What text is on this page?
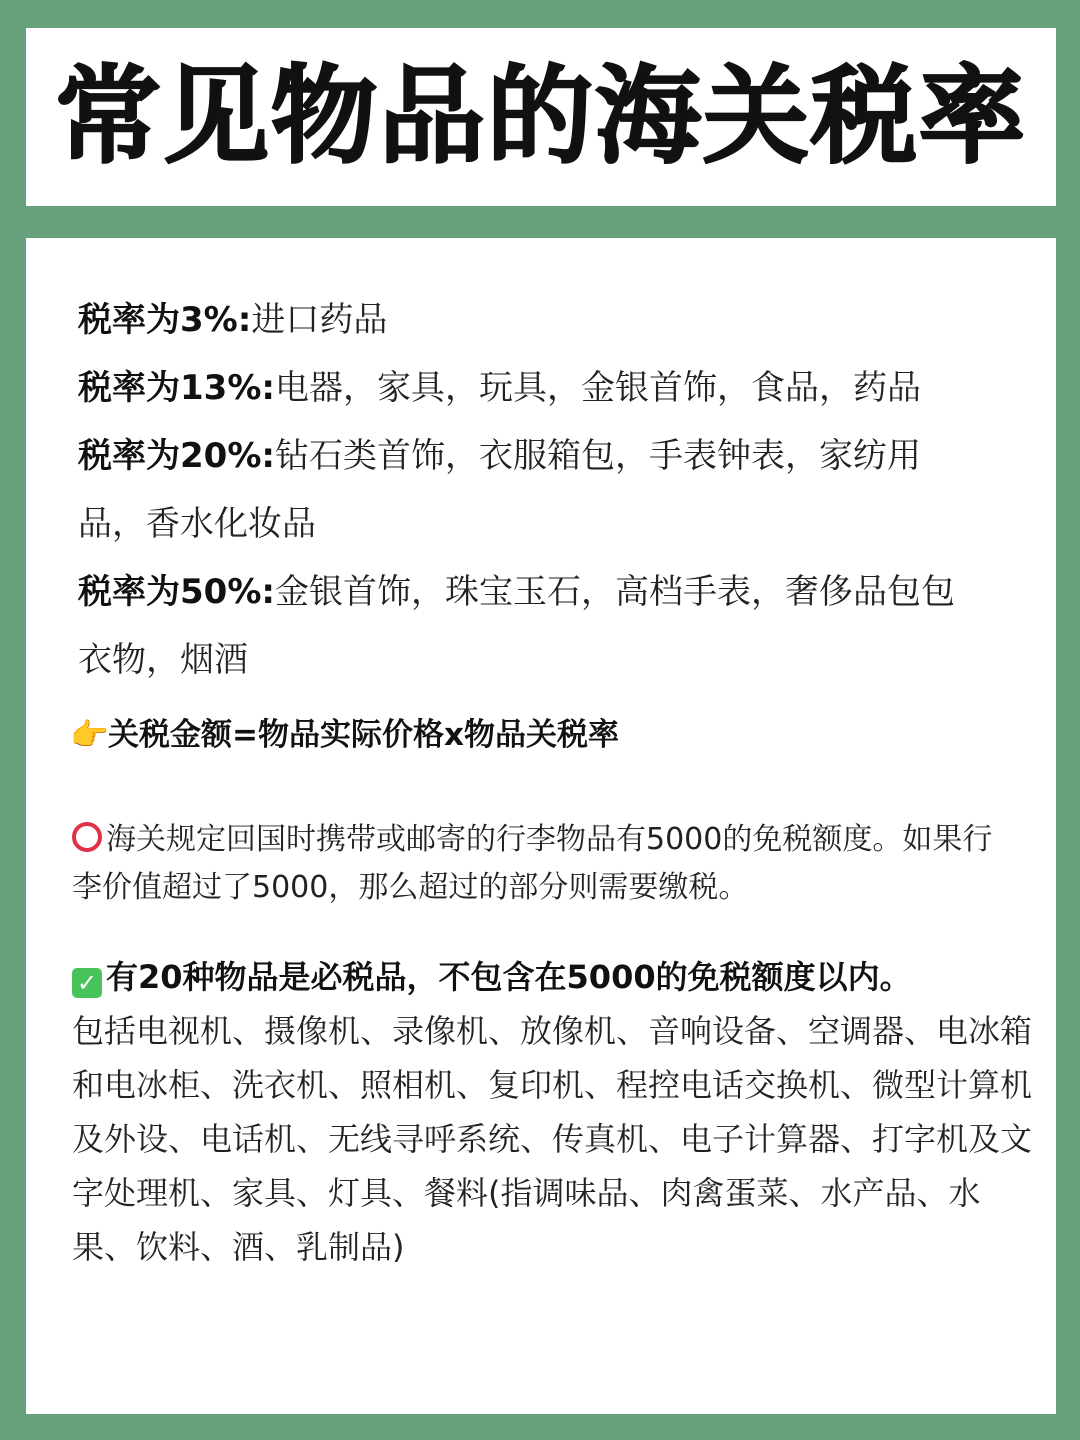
常见物品的海关税率
税率为3%:进口药品
税率为13%:电器，家具，玩具，金银首饰，食品，药品
税率为20%:钻石类首饰，衣服箱包，手表钟表，家纺用品，香水化妆品
税率为50%:金银首饰，珠宝玉石，高档手表，奢侈品包包衣物，烟酒
👉关税金额=物品实际价格x物品关税率

海关规定回国时携带或邮寄的行李物品有5000的免税额度。如果行李价值超过了5000，那么超过的部分则需要缴税。

✓ 有20种物品是必税品，不包含在5000的免税额度以内。
包括电视机、摄像机、录像机、放像机、音响设备、空调器、电冰箱和电冰柜、洗衣机、照相机、复印机、程控电话交换机、微型计算机及外设、电话机、无线寻呼系统、传真机、电子计算器、打字机及文字处理机、家具、灯具、餐料(指调味品、肉禽蛋菜、水产品、水果、饮料、酒、乳制品)
